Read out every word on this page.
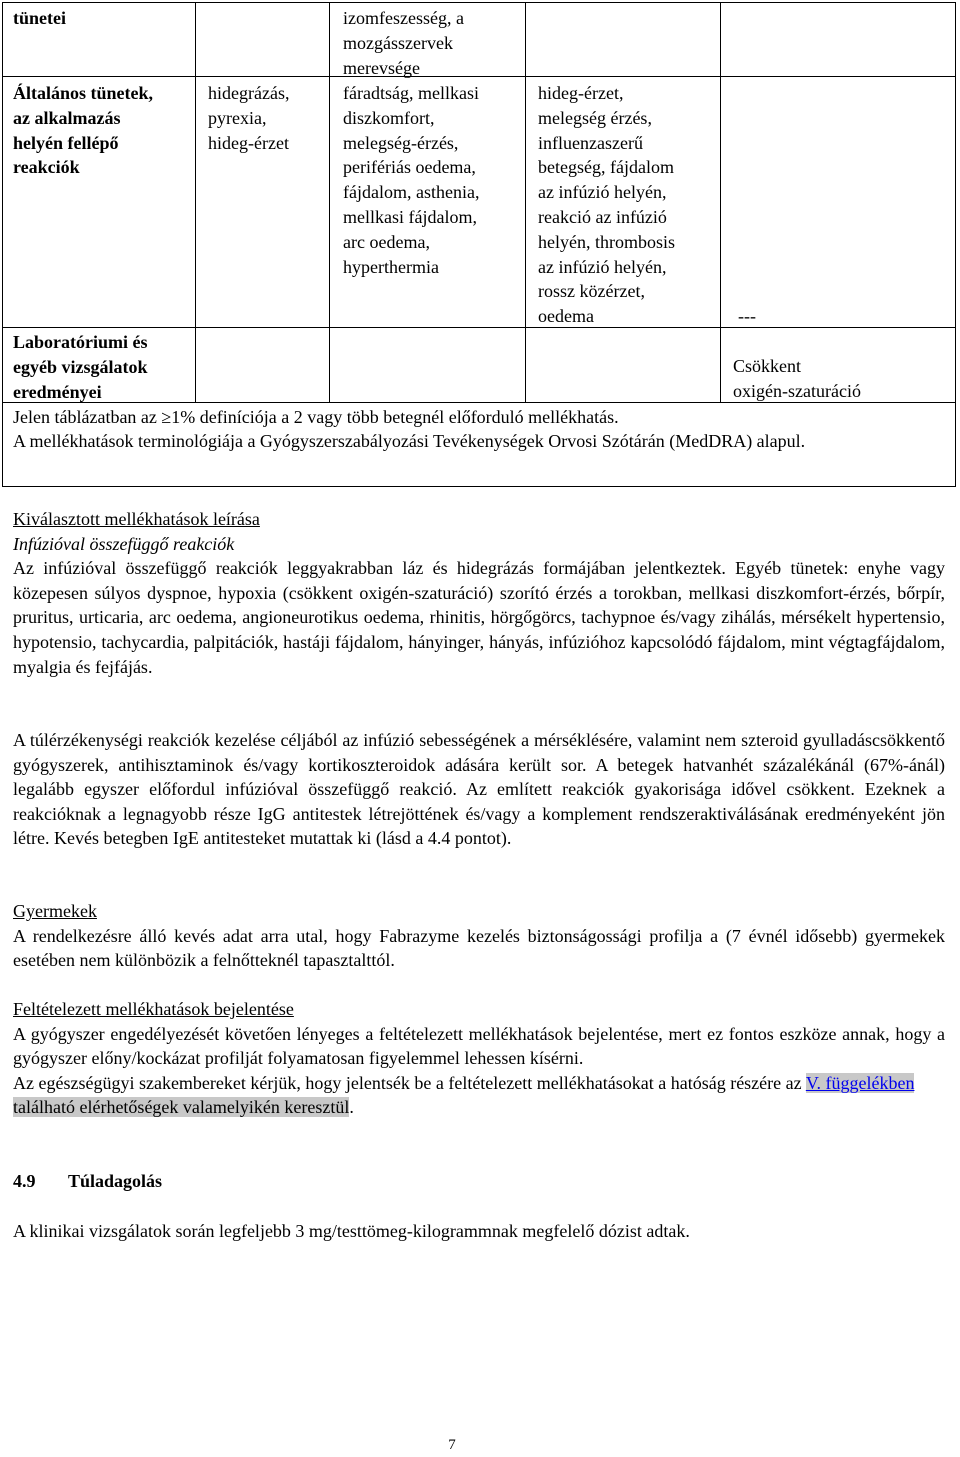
tünetei	izomfeszesség, a
mozgásszervek
merevsége
Általános tünetek,
az alkalmazás
helyén fellépő
reakciók
hidegrázás,
pyrexia,
hideg-érzet
fáradtság, mellkasi
diszkomfort,
melegség-érzés,
perifériás oedema,
fájdalom, asthenia,
mellkasi fájdalom,
arc oedema,
hyperthermia
hideg-érzet,
melegség érzés,
influenzaszerű
betegség, fájdalom
az infúzió helyén,
reakció az infúzió
helyén, thrombosis
az infúzió helyén,
rossz közérzet,
oedema	---
Laboratóriumi és
egyéb vizsgálatok
eredményei
Csökkent
oxigén-szaturáció
Jelen táblázatban az ≥1% definíciója a 2 vagy több betegnél előforduló mellékhatás.
A mellékhatások terminológiája a Gyógyszerszabályozási Tevékenységek Orvosi Szótárán (MedDRA) alapul.
Kiválasztott mellékhatások leírása
Infúzióval összefüggő reakciók

Az infúzióval összefüggő reakciók leggyakrabban láz és hidegrázás formájában jelentkeztek. Egyéb tünetek: enyhe vagy közepesen súlyos dyspnoe, hypoxia (csökkent oxigén-szaturáció) szorító érzés a torokban, mellkasi diszkomfort-érzés, bőrpír, pruritus, urticaria, arc oedema, angioneurotikus oedema, rhinitis, hörgőgörcs, tachypnoe és/vagy zihálás, mérsékelt hypertensio, hypotensio, tachycardia, palpitációk, hastáji fájdalom, hányinger, hányás, infúzióhoz kapcsolódó fájdalom, mint végtagfájdalom, myalgia és fejfájás.

A túlérzékenységi reakciók kezelése céljából az infúzió sebességének a mérséklésére, valamint nem szteroid gyulladáscsökkentő gyógyszerek, antihisztaminok és/vagy kortikoszteroidok adására került sor. A betegek hatvanhét százalékánál (67%-ánál) legalább egyszer előfordul infúzióval összefüggő reakció. Az említett reakciók gyakorisága idővel csökkent. Ezeknek a reakcióknak a legnagyobb része IgG antitestek létrejöttének és/vagy a komplement rendszeraktiválásának eredményeként jön létre. Kevés betegben IgE antitesteket mutattak ki (lásd a 4.4 pontot).

Gyermekek

A rendelkezésre álló kevés adat arra utal, hogy Fabrazyme kezelés biztonságossági profilja a (7 évnél idősebb) gyermekek esetében nem különbözik a felnőtteknél tapasztalttól.

Feltételezett mellékhatások bejelentése

A gyógyszer engedélyezését követően lényeges a feltételezett mellékhatások bejelentése, mert ez fontos eszköze annak, hogy a gyógyszer előny/kockázat profilját folyamatosan figyelemmel lehessen kísérni.

Az egészségügyi szakembereket kérjük, hogy jelentsék be a feltételezett mellékhatásokat a hatóság részére az V. függelékben található elérhetőségek valamelyikén keresztül.

4.9 Túladagolás

A klinikai vizsgálatok során legfeljebb 3 mg/testtömeg-kilogrammnak megfelelő dózist adtak.

7
